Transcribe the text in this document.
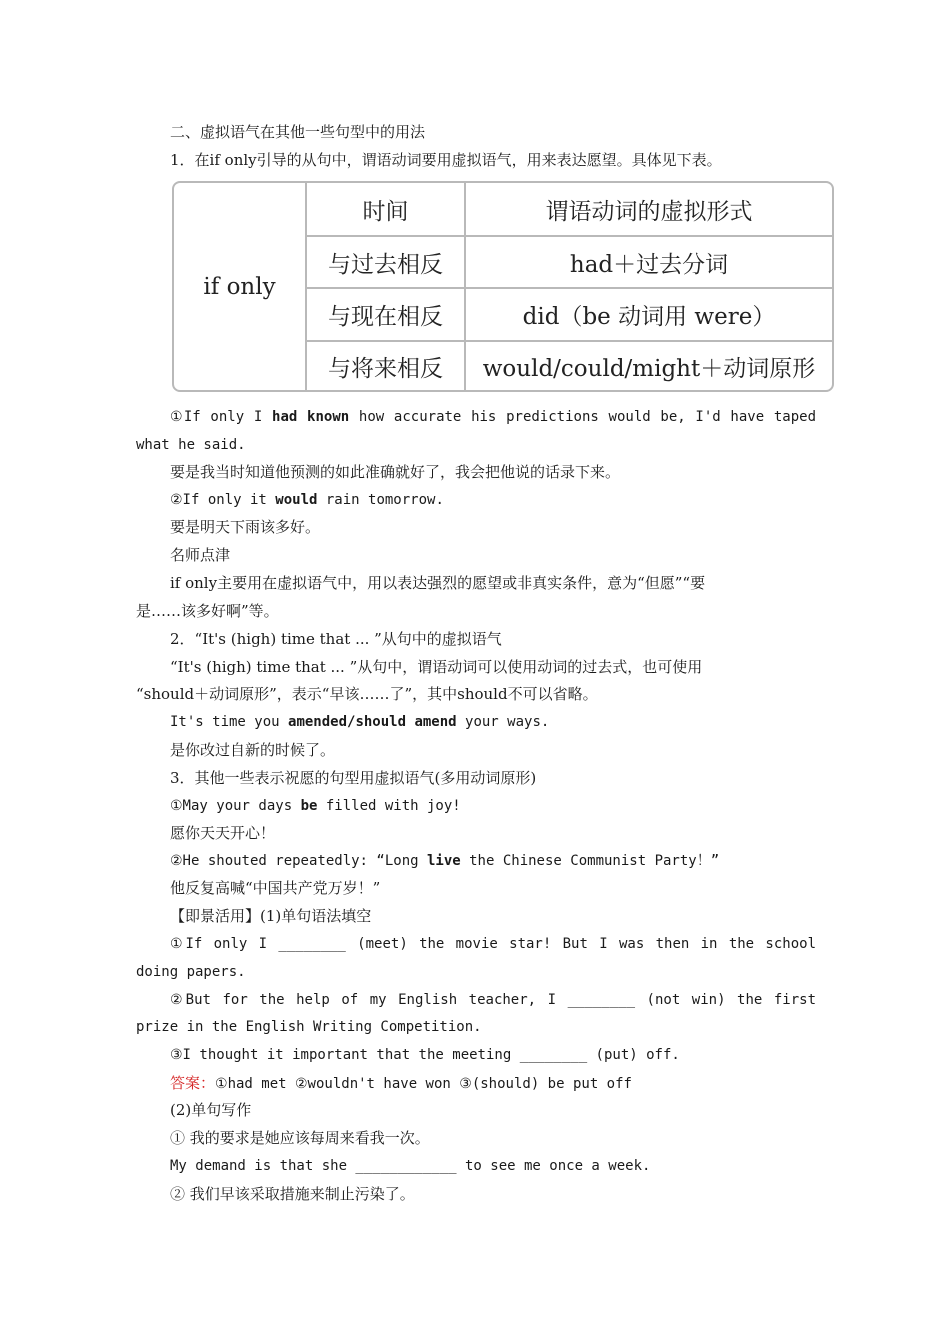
二、虚拟语气在其他一些句型中的用法
1．在if only引导的从句中，谓语动词要用虚拟语气，用来表达愿望。具体见下表。
if only
时间	谓语动词的虚拟形式
与过去相反	had＋过去分词
与现在相反	did（be 动词用 were）
与将来相反	would/could/might＋动词原形
①If only I had known how accurate his predictions would be, I'd have taped
what he said.
要是我当时知道他预测的如此准确就好了，我会把他说的话录下来。
②If only it would rain tomorrow.
要是明天下雨该多好。
名师点津
if only主要用在虚拟语气中，用以表达强烈的愿望或非真实条件，意为“但愿”“要
是……该多好啊”等。
2．“It's (high) time that ... ”从句中的虚拟语气
“It's (high) time that ... ”从句中，谓语动词可以使用动词的过去式，也可使用
“should＋动词原形”，表示“早该……了”，其中should不可以省略。
It's time you amended/should amend your ways.
是你改过自新的时候了。
3．其他一些表示祝愿的句型用虚拟语气(多用动词原形)
①May your days be filled with joy!
愿你天天开心！
②He shouted repeatedly: “Long live the Chinese Communist Party！”
他反复高喊“中国共产党万岁！”
【即景活用】(1)单句语法填空
①If only I ________ (meet) the movie star! But I was then in the school
doing papers.
②But for the help of my English teacher, I ________ (not win) the first
prize in the English Writing Competition.
③I thought it important that the meeting ________ (put) off.
答案：①had met ②wouldn't have won ③(should) be put off
(2)单句写作
① 我的要求是她应该每周来看我一次。
My demand is that she ____________ to see me once a week.
② 我们早该采取措施来制止污染了。
